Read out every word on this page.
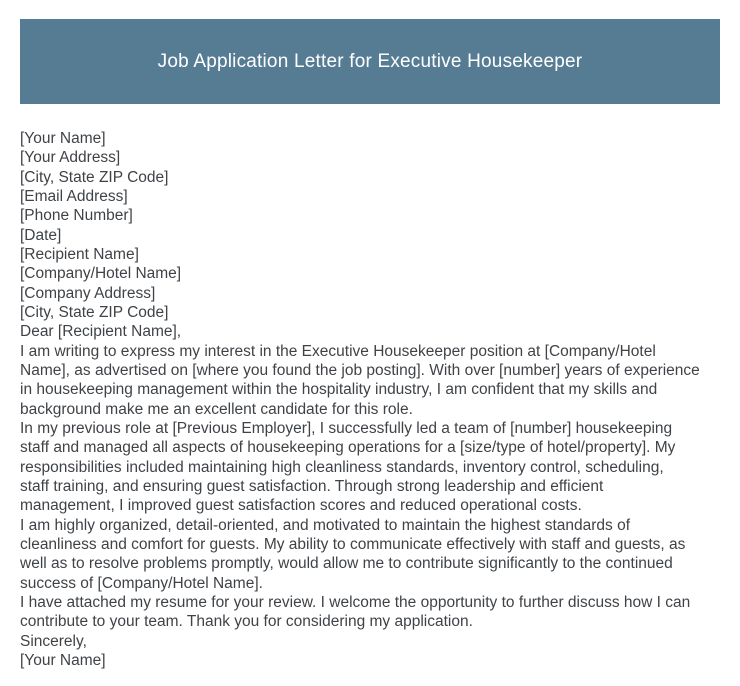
Job Application Letter for Executive Housekeeper
[Your Name]
[Your Address]
[City, State ZIP Code]
[Email Address]
[Phone Number]
[Date]
[Recipient Name]
[Company/Hotel Name]
[Company Address]
[City, State ZIP Code]
Dear [Recipient Name],
I am writing to express my interest in the Executive Housekeeper position at [Company/Hotel
Name], as advertised on [where you found the job posting]. With over [number] years of experience
in housekeeping management within the hospitality industry, I am confident that my skills and
background make me an excellent candidate for this role.
In my previous role at [Previous Employer], I successfully led a team of [number] housekeeping
staff and managed all aspects of housekeeping operations for a [size/type of hotel/property]. My
responsibilities included maintaining high cleanliness standards, inventory control, scheduling,
staff training, and ensuring guest satisfaction. Through strong leadership and efficient
management, I improved guest satisfaction scores and reduced operational costs.
I am highly organized, detail-oriented, and motivated to maintain the highest standards of
cleanliness and comfort for guests. My ability to communicate effectively with staff and guests, as
well as to resolve problems promptly, would allow me to contribute significantly to the continued
success of [Company/Hotel Name].
I have attached my resume for your review. I welcome the opportunity to further discuss how I can
contribute to your team. Thank you for considering my application.
Sincerely,
[Your Name]
